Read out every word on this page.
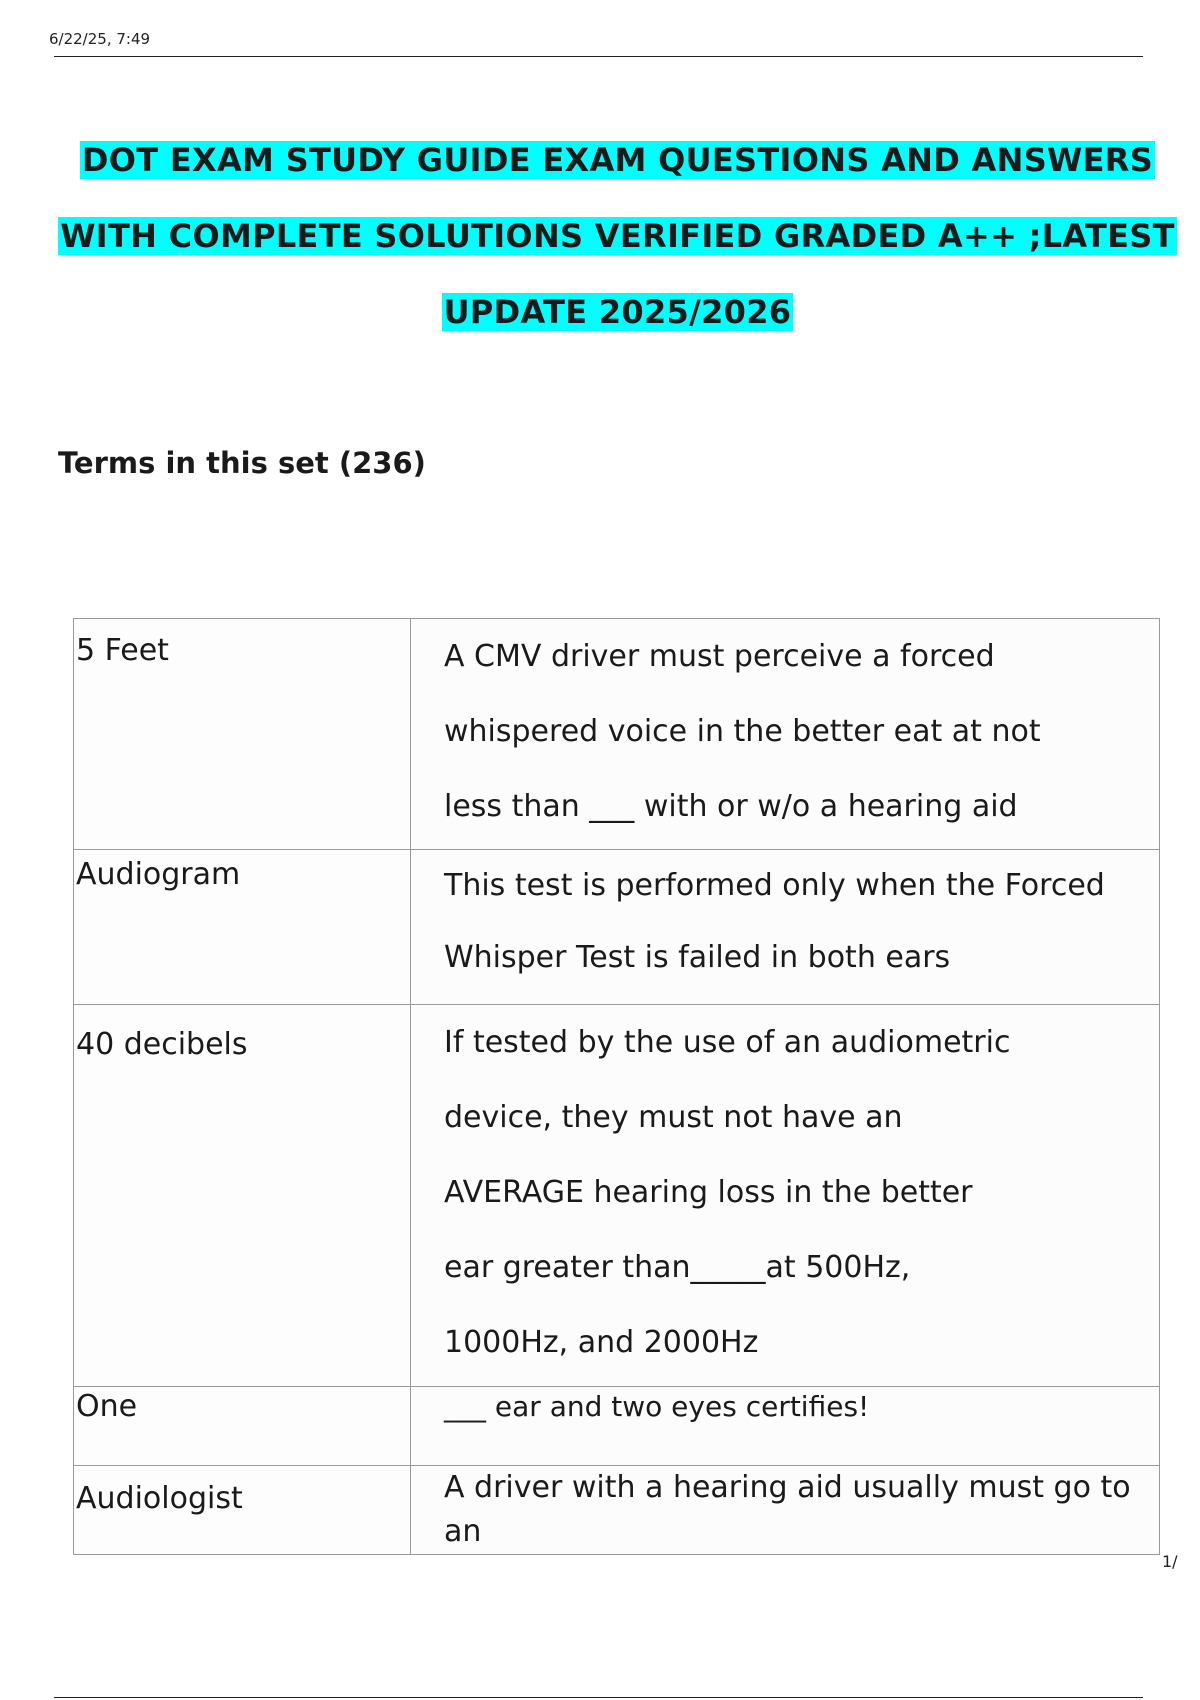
6/22/25, 7:49
DOT EXAM STUDY GUIDE EXAM QUESTIONS AND ANSWERS
WITH COMPLETE SOLUTIONS VERIFIED GRADED A++ ;LATEST
UPDATE 2025/2026
Terms in this set (236)
5 Feet	A CMV driver must perceive a forced
whispered voice in the better eat at not
less than ___ with or w/o a hearing aid

Audiogram	This test is performed only when the Forced
Whisper Test is failed in both ears

40 decibels	If tested by the use of an audiometric
device, they must not have an
AVERAGE hearing loss in the better
ear greater than_____at 500Hz,
1000Hz, and 2000Hz

One	___ ear and two eyes certifies!

Audiologist	A driver with a hearing aid usually must go to an
1/
